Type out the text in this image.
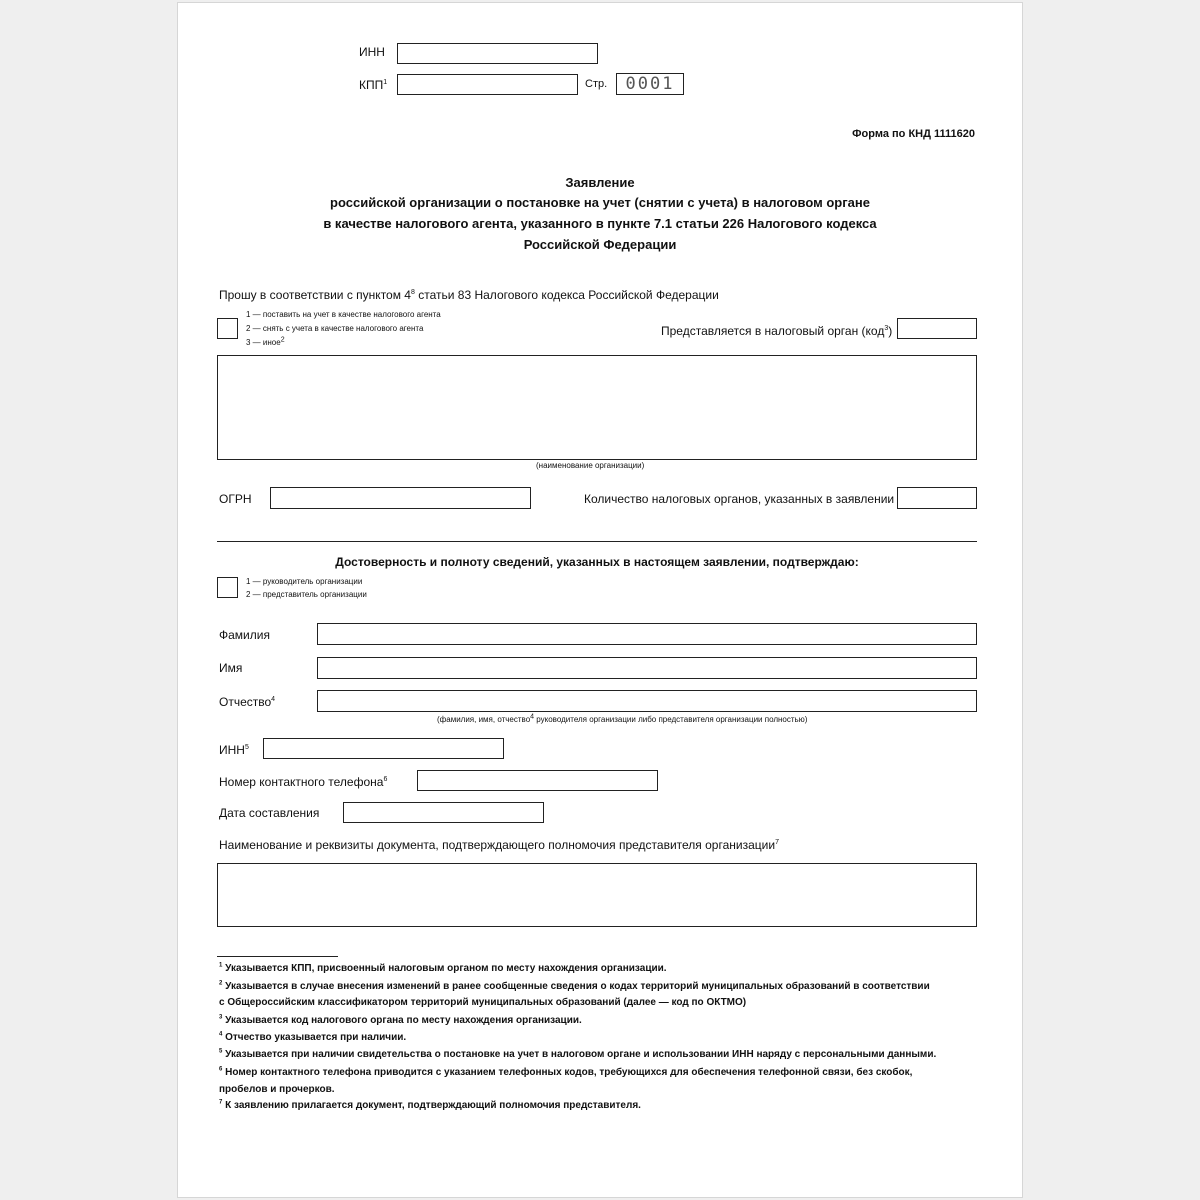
ИНН
КПП$^1$	Стр.	0001
Форма по КНД 1111620
Заявление
российской организации о постановке на учет (снятии с учета) в налоговом органе
в качестве налогового агента, указанного в пункте 7.1 статьи 226 Налогового кодекса
Российской Федерации
Прошу в соответствии с пунктом $4^8$ статьи 83 Налогового кодекса Российской Федерации
1 — поставить на учет в качестве налогового агента
2 — снять с учета в качестве налогового агента
3 — иное$^2$
Представляется в налоговый орган (код$^3$)
(наименование организации)
ОГРН	Количество налоговых органов, указанных в заявлении
Достоверность и полноту сведений, указанных в настоящем заявлении, подтверждаю:
1 — руководитель организации
2 — представитель организации
Фамилия
Имя
Отчество$^4$
(фамилия, имя, отчество$^4$ руководителя организации либо представителя организации полностью)
ИНН$^5$
Номер контактного телефона$^6$
Дата составления
Наименование и реквизиты документа, подтверждающего полномочия представителя организации$^7$
$^1$ Указывается КПП, присвоенный налоговым органом по месту нахождения организации.
$^2$ Указывается в случае внесения изменений в ранее сообщенные сведения о кодах территорий муниципальных образований в соответствии
с Общероссийским классификатором территорий муниципальных образований (далее — код по ОКТМО)
$^3$ Указывается код налогового органа по месту нахождения организации.
$^4$ Отчество указывается при наличии.
$^5$ Указывается при наличии свидетельства о постановке на учет в налоговом органе и использовании ИНН наряду с персональными данными.
$^6$ Номер контактного телефона приводится с указанием телефонных кодов, требующихся для обеспечения телефонной связи, без скобок,
пробелов и прочерков.
$^7$ К заявлению прилагается документ, подтверждающий полномочия представителя.
